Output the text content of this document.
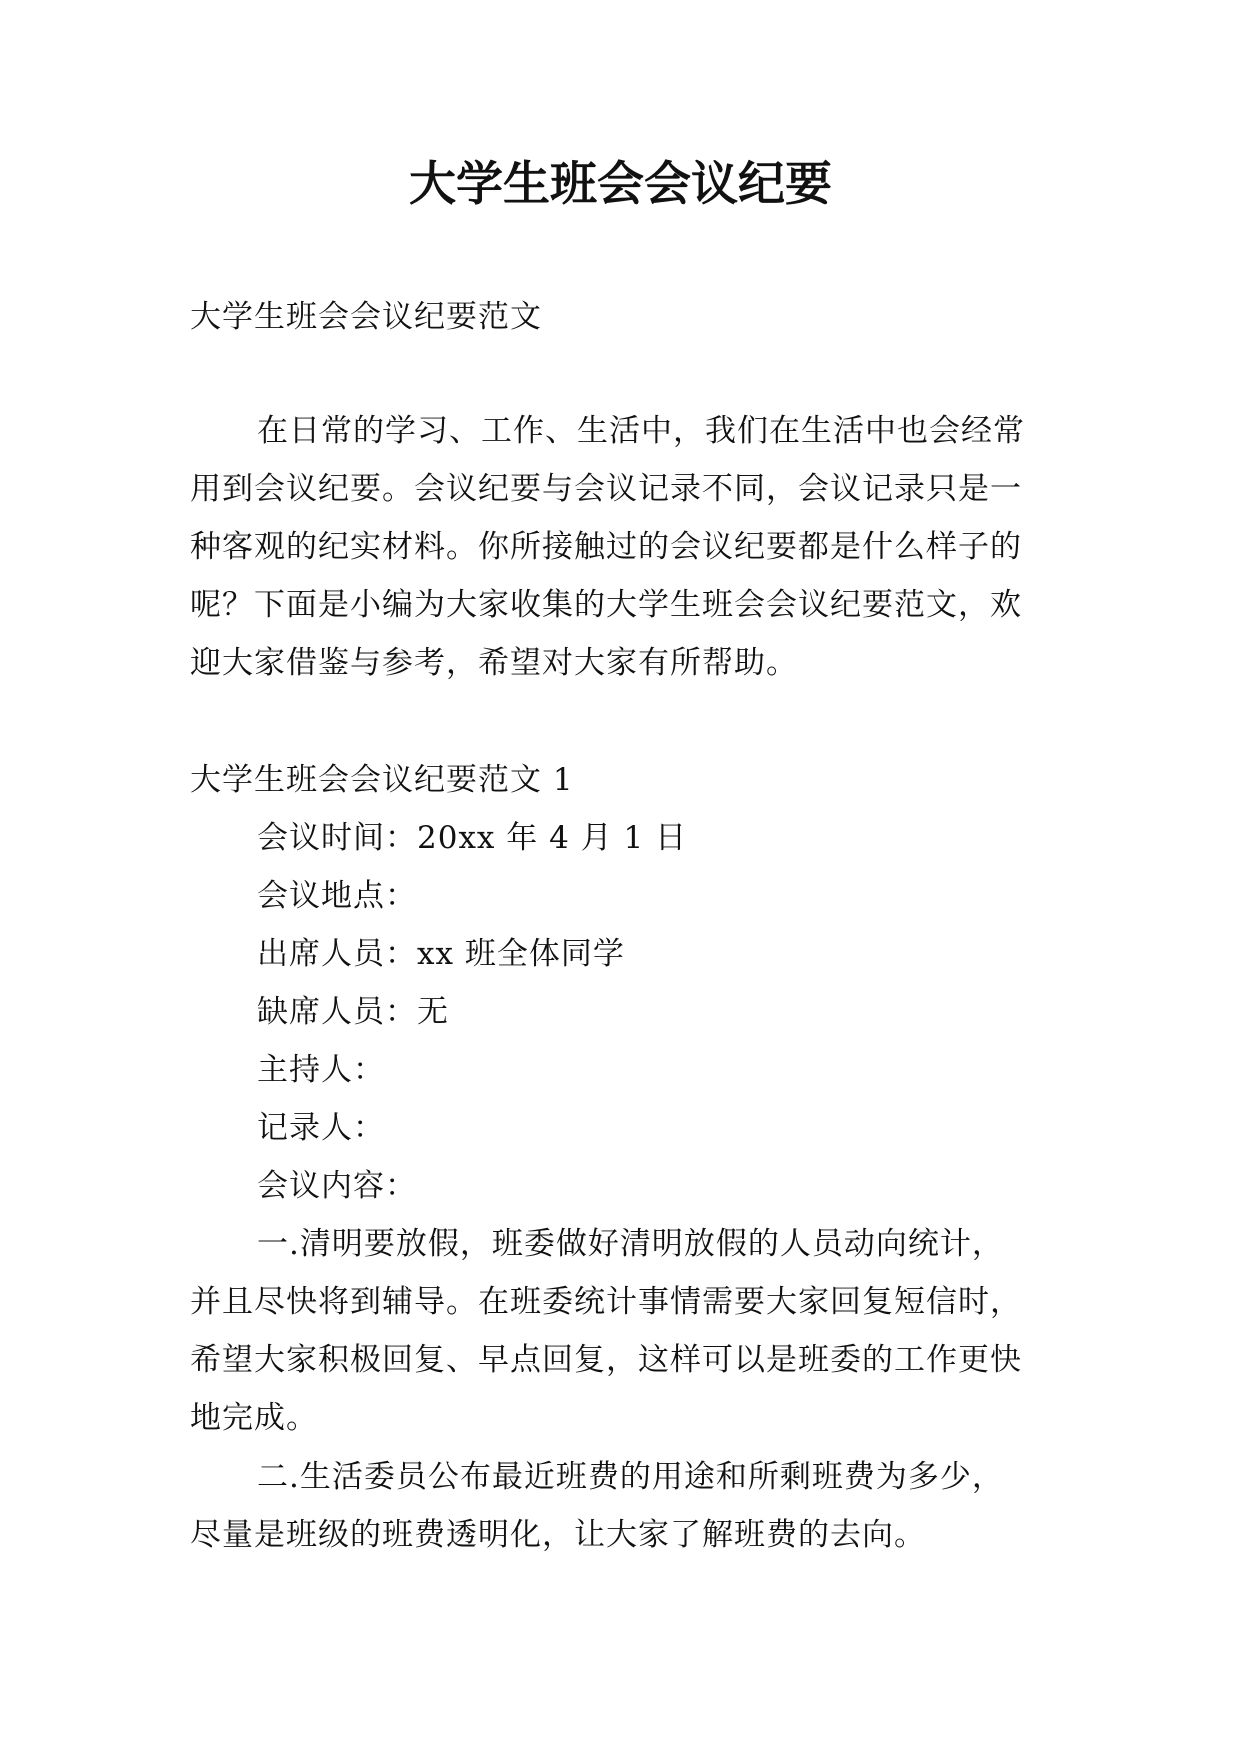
大学生班会会议纪要
大学生班会会议纪要范文
在日常的学习、工作、生活中，我们在生活中也会经常
用到会议纪要。会议纪要与会议记录不同，会议记录只是一
种客观的纪实材料。你所接触过的会议纪要都是什么样子的
呢？下面是小编为大家收集的大学生班会会议纪要范文，欢
迎大家借鉴与参考，希望对大家有所帮助。
大学生班会会议纪要范文 1
会议时间：20xx 年 4 月 1 日
会议地点：
出席人员：xx 班全体同学
缺席人员：无
主持人：
记录人：
会议内容：
一.清明要放假，班委做好清明放假的人员动向统计，
并且尽快将到辅导。在班委统计事情需要大家回复短信时，
希望大家积极回复、早点回复，这样可以是班委的工作更快
地完成。
二.生活委员公布最近班费的用途和所剩班费为多少，
尽量是班级的班费透明化，让大家了解班费的去向。
